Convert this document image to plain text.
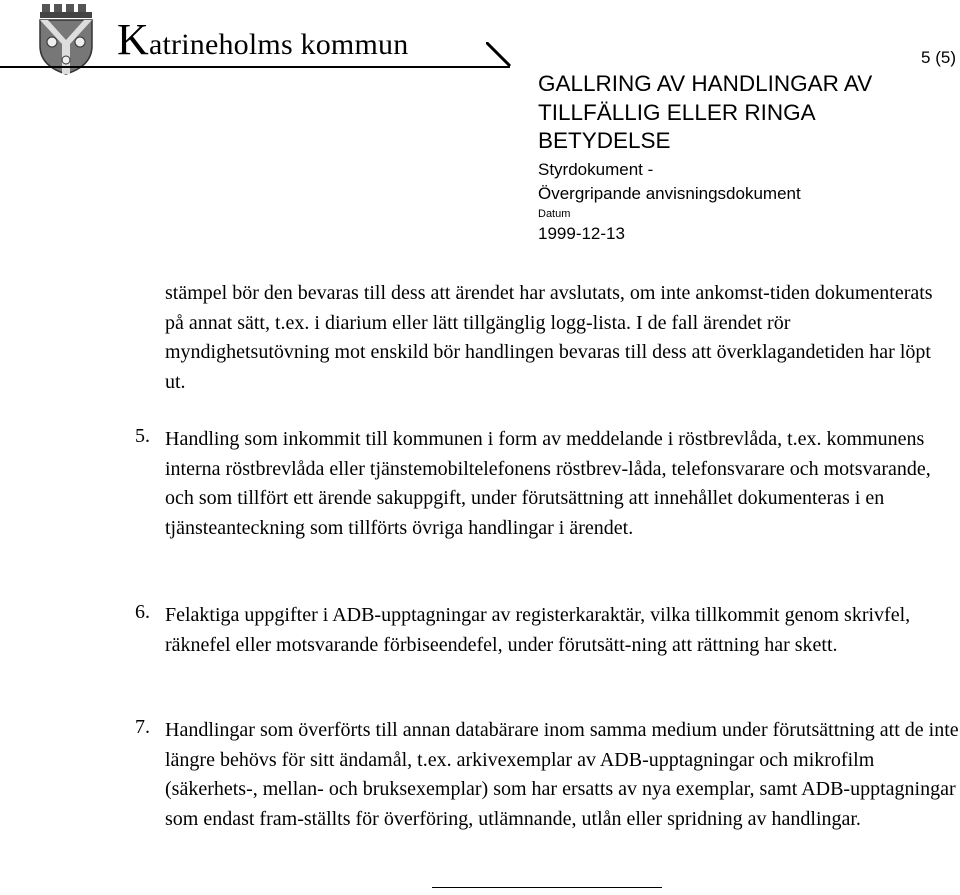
Katrineholms kommun	5 (5)
GALLRING AV HANDLINGAR AV TILLFÄLLIG ELLER RINGA BETYDELSE
Styrdokument -
Övergripande anvisningsdokument
Datum
1999-12-13

stämpel bör den bevaras till dess att ärendet har avslutats, om inte ankomst-tiden dokumenterats på annat sätt, t.ex. i diarium eller lätt tillgänglig logg-lista. I de fall ärendet rör myndighetsutövning mot enskild bör handlingen bevaras till dess att överklagandetiden har löpt ut.

5. Handling som inkommit till kommunen i form av meddelande i röstbrevlåda, t.ex. kommunens interna röstbrevlåda eller tjänstemobiltelefonens röstbrev-låda, telefonsvarare och motsvarande, och som tillfört ett ärende sakuppgift, under förutsättning att innehållet dokumenteras i en tjänsteanteckning som tillförts övriga handlingar i ärendet.

6. Felaktiga uppgifter i ADB-upptagningar av registerkaraktär, vilka tillkommit genom skrivfel, räknefel eller motsvarande förbiseendefel, under förutsätt-ning att rättning har skett.

7. Handlingar som överförts till annan databärare inom samma medium under förutsättning att de inte längre behövs för sitt ändamål, t.ex. arkivexemplar av ADB-upptagningar och mikrofilm (säkerhets-, mellan- och bruksexemplar) som har ersatts av nya exemplar, samt ADB-upptagningar som endast fram-ställts för överföring, utlämnande, utlån eller spridning av handlingar.
